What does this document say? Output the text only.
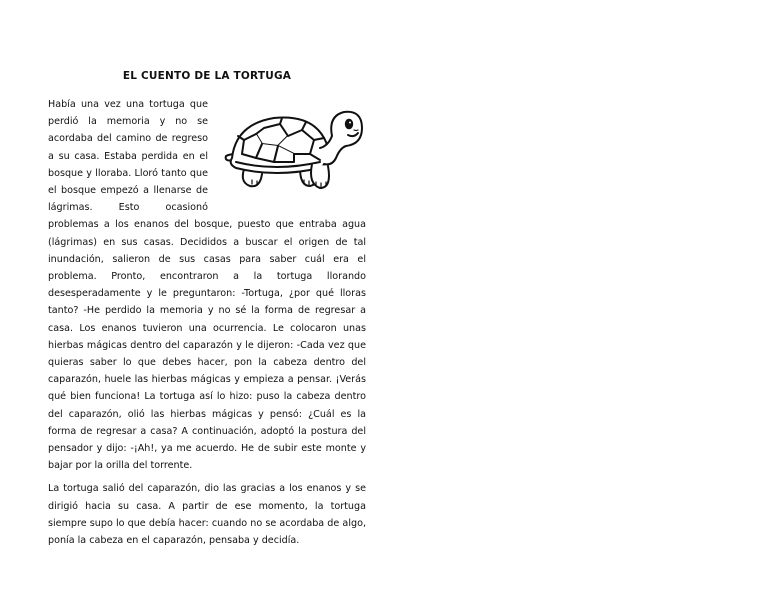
EL CUENTO DE LA TORTUGA

Había una vez una tortuga que perdió la memoria y no se acordaba del camino de regreso a su casa. Estaba perdida en el bosque y lloraba. Lloró tanto que el bosque empezó a llenarse de lágrimas. Esto ocasionó problemas a los enanos del bosque, puesto que entraba agua (lágrimas) en sus casas. Decididos a buscar el origen de tal inundación, salieron de sus casas para saber cuál era el problema. Pronto, encontraron a la tortuga llorando desesperadamente y le preguntaron: -Tortuga, ¿por qué lloras tanto? -He perdido la memoria y no sé la forma de regresar a casa. Los enanos tuvieron una ocurrencia. Le colocaron unas hierbas mágicas dentro del caparazón y le dijeron: -Cada vez que quieras saber lo que debes hacer, pon la cabeza dentro del caparazón, huele las hierbas mágicas y empieza a pensar. ¡Verás qué bien funciona! La tortuga así lo hizo: puso la cabeza dentro del caparazón, olió las hierbas mágicas y pensó: ¿Cuál es la forma de regresar a casa? A continuación, adoptó la postura del pensador y dijo: -¡Ah!, ya me acuerdo. He de subir este monte y bajar por la orilla del torrente.

La tortuga salió del caparazón, dio las gracias a los enanos y se dirigió hacia su casa. A partir de ese momento, la tortuga siempre supo lo que debía hacer: cuando no se acordaba de algo, ponía la cabeza en el caparazón, pensaba y decidía.
